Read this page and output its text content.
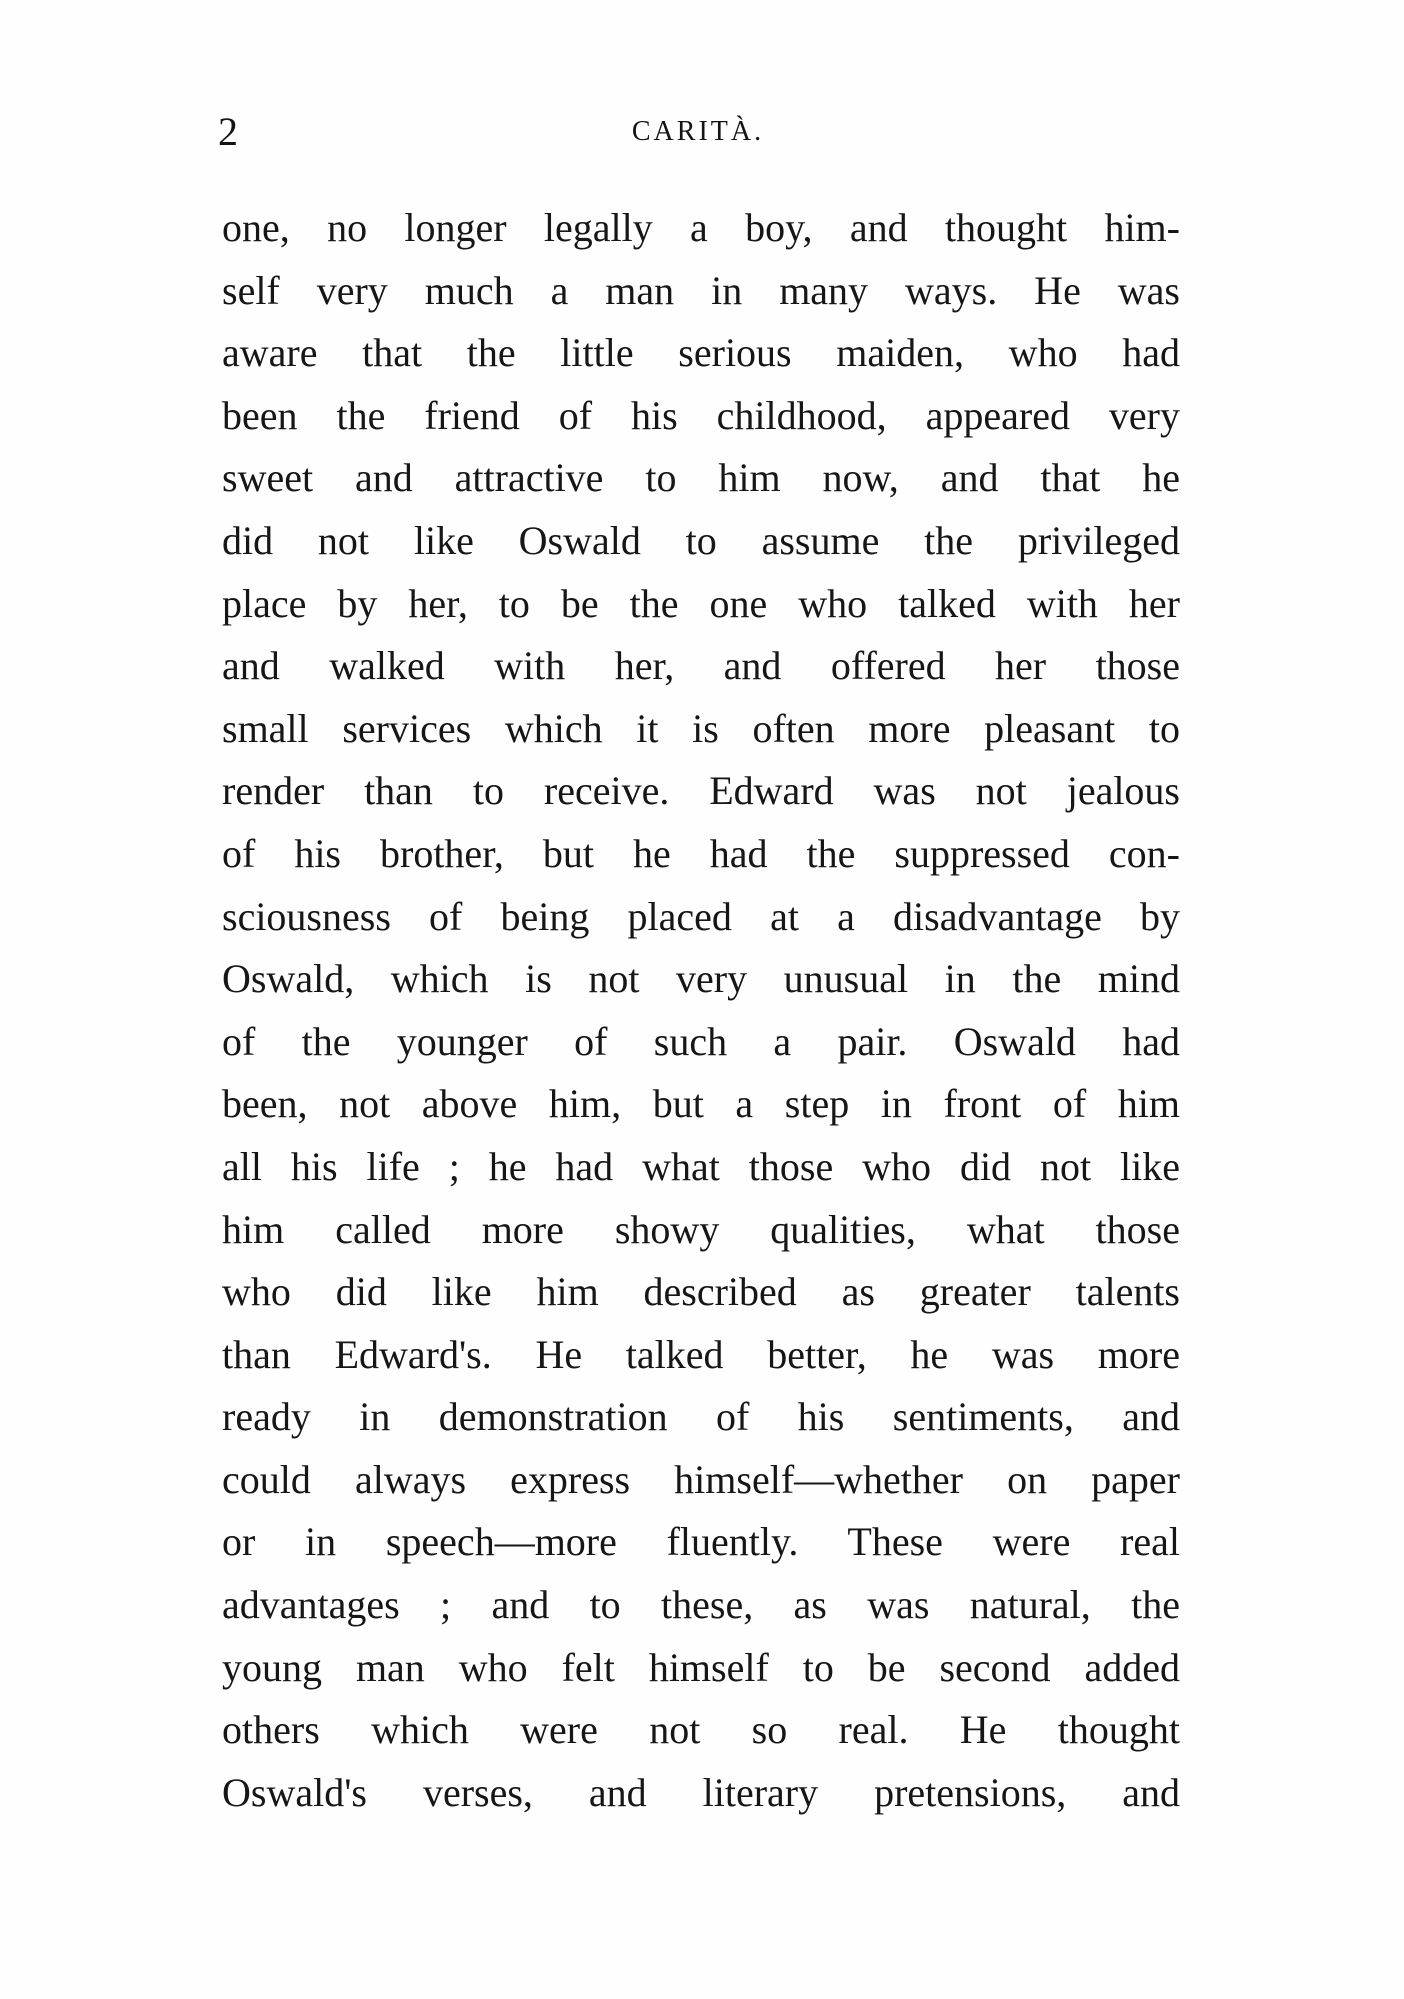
2	CARITÀ.
one, no longer legally a boy, and thought him-
self very much a man in many ways. He was
aware that the little serious maiden, who had
been the friend of his childhood, appeared very
sweet and attractive to him now, and that he
did not like Oswald to assume the privileged
place by her, to be the one who talked with her
and walked with her, and offered her those
small services which it is often more pleasant to
render than to receive. Edward was not jealous
of his brother, but he had the suppressed con-
sciousness of being placed at a disadvantage by
Oswald, which is not very unusual in the mind
of the younger of such a pair. Oswald had
been, not above him, but a step in front of him
all his life ; he had what those who did not like
him called more showy qualities, what those
who did like him described as greater talents
than Edward's. He talked better, he was more
ready in demonstration of his sentiments, and
could always express himself—whether on paper
or in speech—more fluently. These were real
advantages ; and to these, as was natural, the
young man who felt himself to be second added
others which were not so real. He thought
Oswald's verses, and literary pretensions, and
